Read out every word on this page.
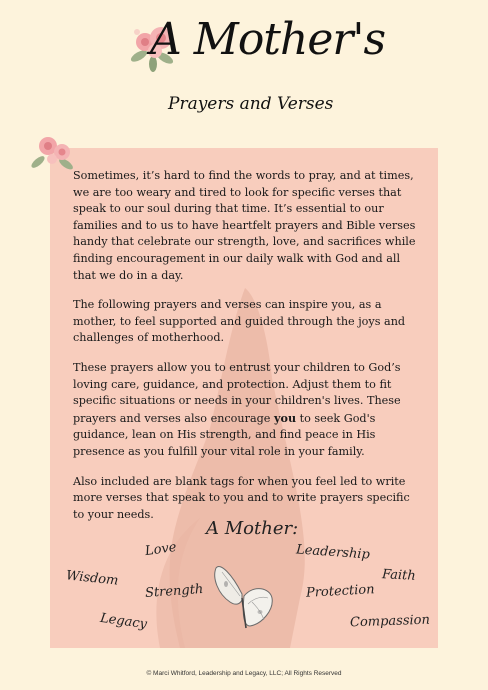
A Mother's
Prayers and Verses

Sometimes, it’s hard to find the words to pray, and at times, we are too weary and tired to look for specific verses that speak to our soul during that time. It’s essential to our families and to us to have heartfelt prayers and Bible verses handy that celebrate our strength, love, and sacrifices while finding encouragement in our daily walk with God and all that we do in a day.

The following prayers and verses can inspire you, as a mother, to feel supported and guided through the joys and challenges of motherhood.

These prayers allow you to entrust your children to God’s loving care, guidance, and protection. Adjust them to fit specific situations or needs in your children's lives. These prayers and verses also encourage you to seek God's guidance, lean on His strength, and find peace in His presence as you fulfill your vital role in your family.

Also included are blank tags for when you feel led to write more verses that speak to you and to write prayers specific to your needs.

A Mother:
Love	Leadership
Wisdom	Faith
Strength	Protection
Legacy	Compassion
© Marci Whitford, Leadership and Legacy, LLC; All Rights Reserved
